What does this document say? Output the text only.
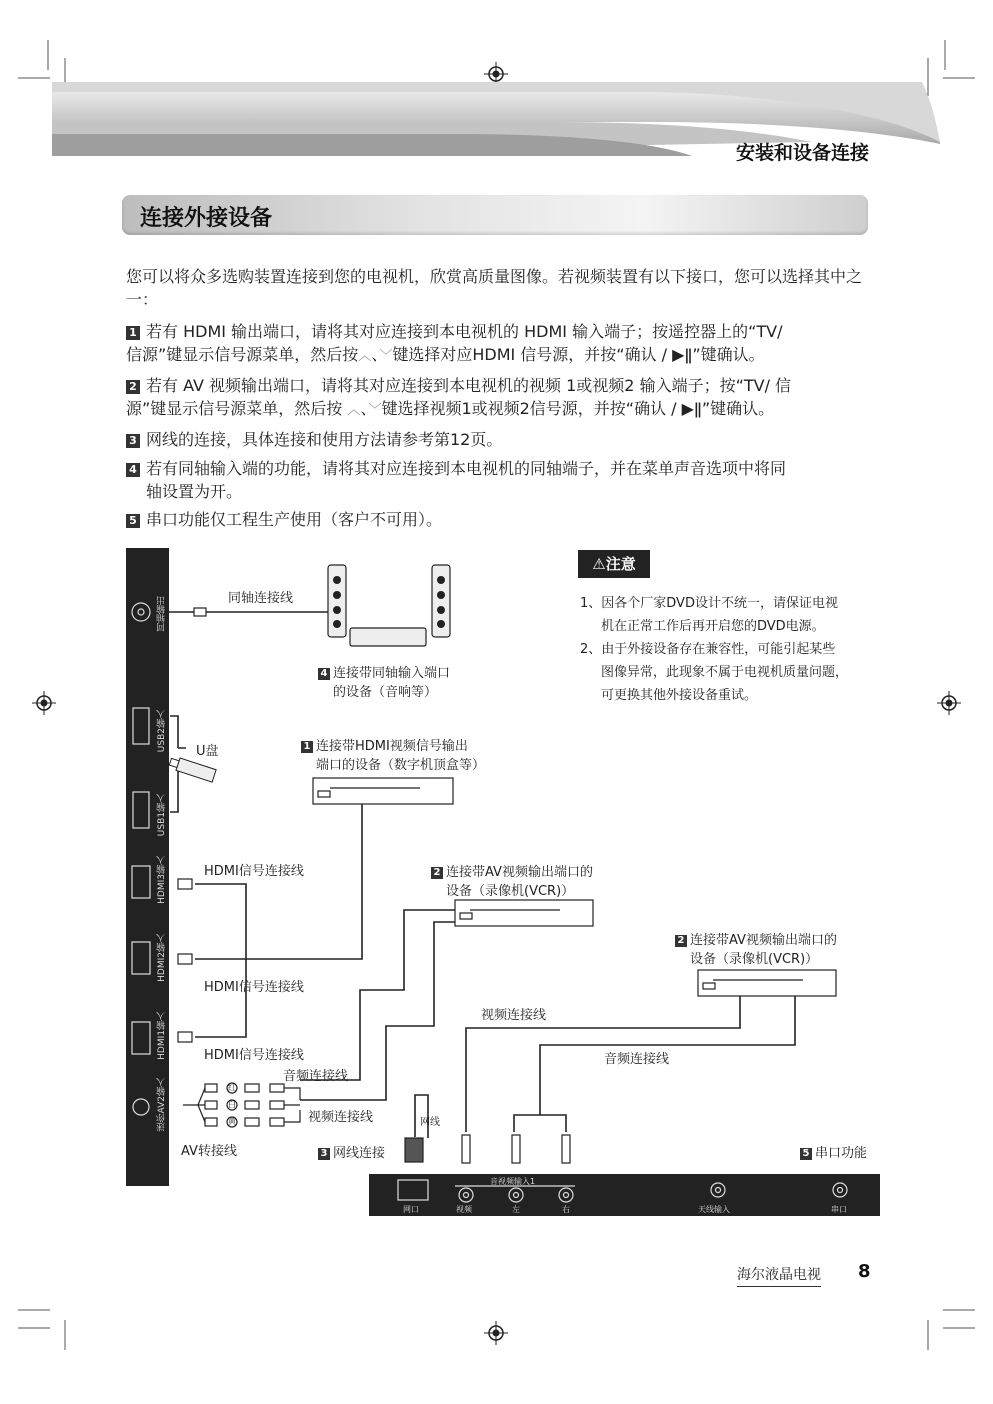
安装和设备连接
连接外接设备
您可以将众多选购装置连接到您的电视机，欣赏高质量图像。若视频装置有以下接口，您可以选择其中之一：
1 若有 HDMI 输出端口，请将其对应连接到本电视机的 HDMI 输入端子；按遥控器上的“TV/
信源”键显示信号源菜单，然后按︿、﹀键选择对应HDMI 信号源，并按“确认 / ▶ǁ”键确认。
2 若有 AV 视频输出端口，请将其对应连接到本电视机的视频 1或视频2 输入端子；按“TV/ 信
源”键显示信号源菜单，然后按 ︿、﹀键选择视频1或视频2信号源，并按“确认 / ▶ǁ”键确认。
3 网线的连接，具体连接和使用方法请参考第12页。
4 若有同轴输入端的功能，请将其对应连接到本电视机的同轴端子，并在菜单声音选项中将同
轴设置为开。
5 串口功能仅工程生产使用（客户不可用）。
同轴输出
USB2输入
USB1输入
HDMI3输入
HDMI2输入
HDMI1输入
迷你AV2输入
音视频输入1
网口	视频	左	右	天线输入	串口
同轴连接线
4 连接带同轴输入端口
的设备（音响等）
U盘	1 连接带HDMI视频信号输出
端口的设备（数字机顶盒等）
HDMI信号连接线	2 连接带AV视频输出端口的
设备（录像机(VCR)）
2 连接带AV视频输出端口的
设备（录像机(VCR)）
HDMI信号连接线
视频连接线
音频连接线
HDMI信号连接线
音频连接线
视频连接线
AV转接线	3 网线连接
网线
5 串口功能
红
白
黄
⚠注意
1、因各个厂家DVD设计不统一，请保证电视
机在正常工作后再开启您的DVD电源。
2、由于外接设备存在兼容性，可能引起某些
图像异常，此现象不属于电视机质量问题，
可更换其他外接设备重试。
海尔液晶电视 8
